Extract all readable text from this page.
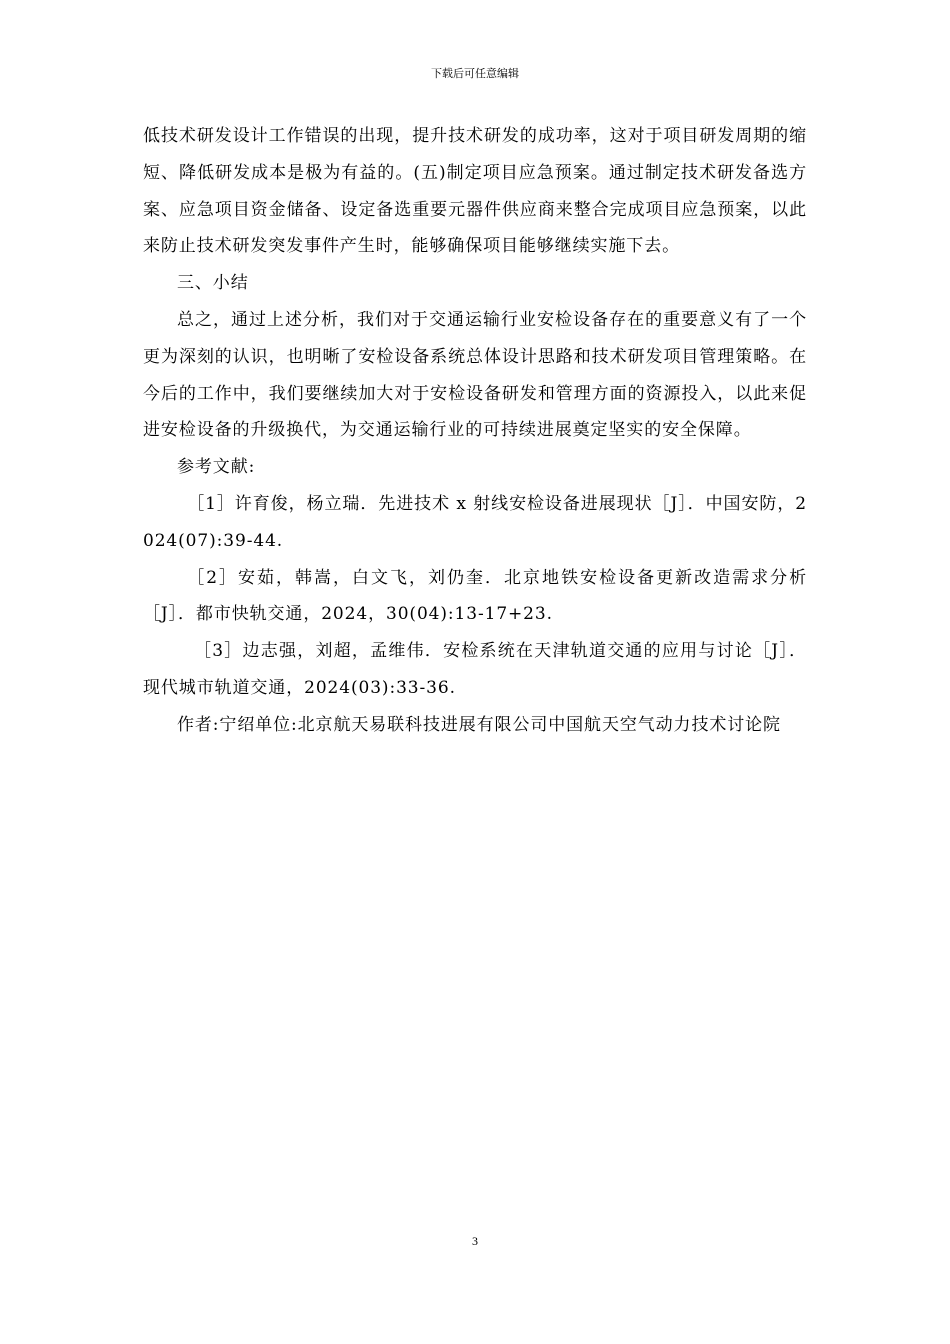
下载后可任意编辑

低技术研发设计工作错误的出现，提升技术研发的成功率，这对于项目研发周期的缩短、降低研发成本是极为有益的。(五)制定项目应急预案。通过制定技术研发备选方案、应急项目资金储备、设定备选重要元器件供应商来整合完成项目应急预案，以此来防止技术研发突发事件产生时，能够确保项目能够继续实施下去。

三、小结

总之，通过上述分析，我们对于交通运输行业安检设备存在的重要意义有了一个更为深刻的认识，也明晰了安检设备系统总体设计思路和技术研发项目管理策略。在今后的工作中，我们要继续加大对于安检设备研发和管理方面的资源投入，以此来促进安检设备的升级换代，为交通运输行业的可持续进展奠定坚实的安全保障。

参考文献:

［1］许育俊，杨立瑞．先进技术 x 射线安检设备进展现状［J］．中国安防，2024(07):39-44.

［2］安茹，韩嵩，白文飞，刘仍奎．北京地铁安检设备更新改造需求分析［J］．都市快轨交通，2024，30(04):13-17+23.

［3］边志强，刘超，孟维伟．安检系统在天津轨道交通的应用与讨论［J］．现代城市轨道交通，2024(03):33-36.

作者:宁绍单位:北京航天易联科技进展有限公司中国航天空气动力技术讨论院

3
